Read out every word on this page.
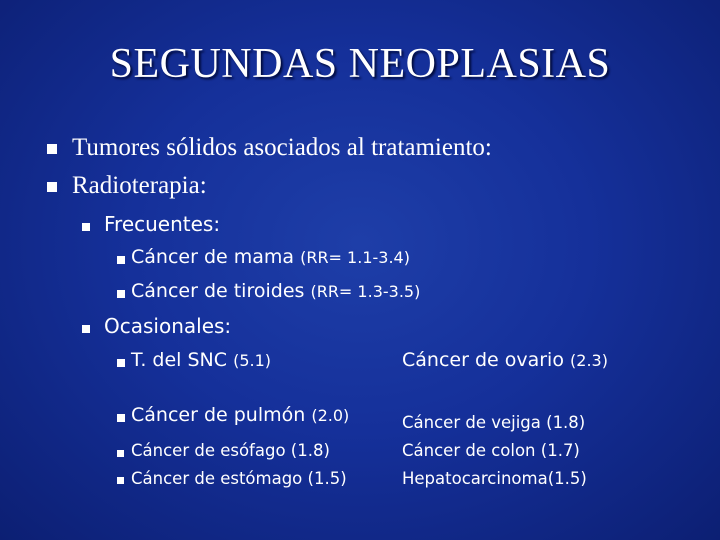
SEGUNDAS NEOPLASIAS
Tumores sólidos asociados al tratamiento:
Radioterapia:
Frecuentes:
Cáncer de mama (RR= 1.1-3.4)
Cáncer de tiroides (RR= 1.3-3.5)
Ocasionales:
T. del SNC (5.1)	Cáncer de ovario (2.3)
Cáncer de pulmón (2.0)	Cáncer de vejiga (1.8)
Cáncer de esófago (1.8)	Cáncer de colon (1.7)
Cáncer de estómago (1.5)	Hepatocarcinoma(1.5)
